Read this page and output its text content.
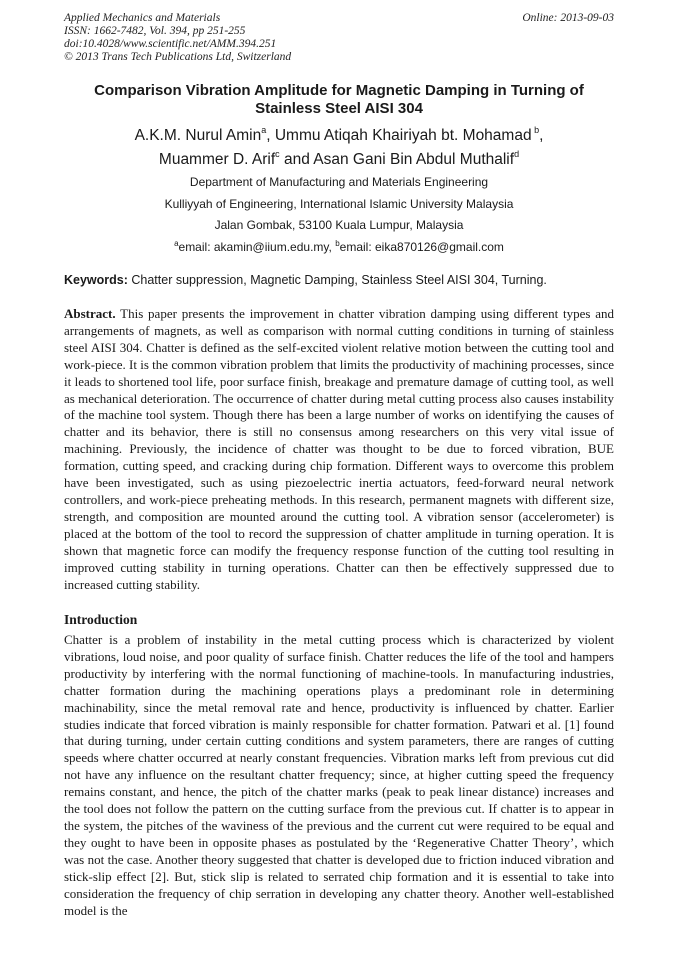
Applied Mechanics and Materials
ISSN: 1662-7482, Vol. 394, pp 251-255
doi:10.4028/www.scientific.net/AMM.394.251
© 2013 Trans Tech Publications Ltd, Switzerland
Online: 2013-09-03
Comparison Vibration Amplitude for Magnetic Damping in Turning of Stainless Steel AISI 304
A.K.M. Nurul Amin$^a$, Ummu Atiqah Khairiyah bt. Mohamad $^b$,
Muammer D. Arif$^c$ and Asan Gani Bin Abdul Muthalif$^d$
Department of Manufacturing and Materials Engineering
Kulliyyah of Engineering, International Islamic University Malaysia
Jalan Gombak, 53100 Kuala Lumpur, Malaysia
$^a$email: akamin@iium.edu.my, $^b$email: eika870126@gmail.com
Keywords: Chatter suppression, Magnetic Damping, Stainless Steel AISI 304, Turning.
Abstract. This paper presents the improvement in chatter vibration damping using different types and arrangements of magnets, as well as comparison with normal cutting conditions in turning of stainless steel AISI 304. Chatter is defined as the self-excited violent relative motion between the cutting tool and work-piece. It is the common vibration problem that limits the productivity of machining processes, since it leads to shortened tool life, poor surface finish, breakage and premature damage of cutting tool, as well as mechanical deterioration. The occurrence of chatter during metal cutting process also causes instability of the machine tool system. Though there has been a large number of works on identifying the causes of chatter and its behavior, there is still no consensus among researchers on this very vital issue of machining. Previously, the incidence of chatter was thought to be due to forced vibration, BUE formation, cutting speed, and cracking during chip formation. Different ways to overcome this problem have been investigated, such as using piezoelectric inertia actuators, feed-forward neural network controllers, and work-piece preheating methods. In this research, permanent magnets with different size, strength, and composition are mounted around the cutting tool. A vibration sensor (accelerometer) is placed at the bottom of the tool to record the suppression of chatter amplitude in turning operation. It is shown that magnetic force can modify the frequency response function of the cutting tool resulting in improved cutting stability in turning operations. Chatter can then be effectively suppressed due to increased cutting stability.
Introduction
Chatter is a problem of instability in the metal cutting process which is characterized by violent vibrations, loud noise, and poor quality of surface finish. Chatter reduces the life of the tool and hampers productivity by interfering with the normal functioning of machine-tools. In manufacturing industries, chatter formation during the machining operations plays a predominant role in determining machinability, since the metal removal rate and hence, productivity is influenced by chatter. Earlier studies indicate that forced vibration is mainly responsible for chatter formation. Patwari et al. [1] found that during turning, under certain cutting conditions and system parameters, there are ranges of cutting speeds where chatter occurred at nearly constant frequencies. Vibration marks left from previous cut did not have any influence on the resultant chatter frequency; since, at higher cutting speed the frequency remains constant, and hence, the pitch of the chatter marks (peak to peak linear distance) increases and the tool does not follow the pattern on the cutting surface from the previous cut. If chatter is to appear in the system, the pitches of the waviness of the previous and the current cut were required to be equal and they ought to have been in opposite phases as postulated by the ‘Regenerative Chatter Theory’, which was not the case. Another theory suggested that chatter is developed due to friction induced vibration and stick-slip effect [2]. But, stick slip is related to serrated chip formation and it is essential to take into consideration the frequency of chip serration in developing any chatter theory. Another well-established model is the
